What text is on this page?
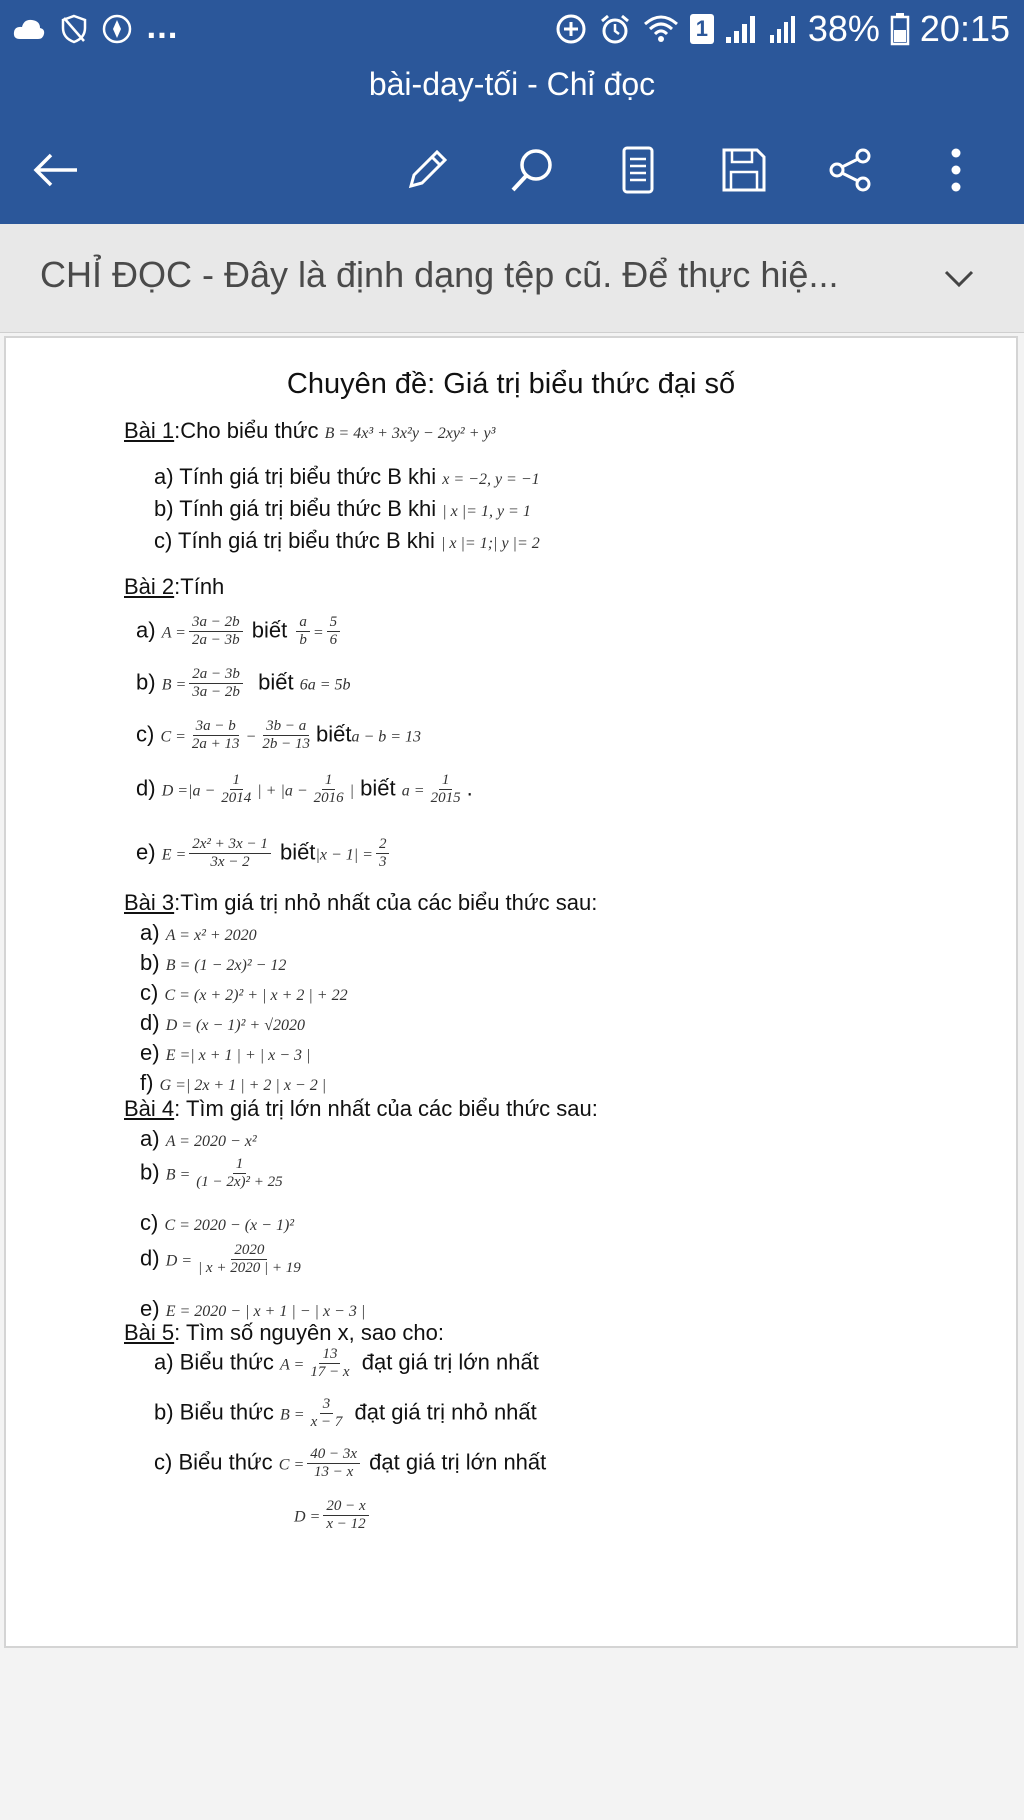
...	1	38% 20:15
bài-day-tối - Chỉ đọc
CHỈ ĐỌC - Đây là định dạng tệp cũ. Để thực hiệ...
Chuyên đề: Giá trị biểu thức đại số
Bài 1:Cho biểu thức B = 4x³ + 3x²y − 2xy² + y³
a) Tính giá trị biểu thức B khi x = −2, y = −1
b) Tính giá trị biểu thức B khi | x |= 1, y = 1
c) Tính giá trị biểu thức B khi | x |= 1;| y |= 2
Bài 2:Tính
a) $A = \frac{3a - 2b}{2a - 3b}$ biết $\frac{a}{b} = \frac{5}{6}$
b) $B = \frac{2a - 3b}{3a - 2b}$ biết 6a = 5b
c) $C = \frac{3a - b}{2a + 13} - \frac{3b - a}{2b - 13}$ biếta − b = 13
d) $D =|a - \frac{1}{2014}$ | + $|a - \frac{1}{2016}$ | biết $a = \frac{1}{2015}$ .
e) $E = \frac{\text{2x² + 3x − 1}}{3x - 2}$ biết|x − $1| = \frac{2}{3}$
Bài 3:Tìm giá trị nhỏ nhất của các biểu thức sau:
a) A = x² + 2020
b) B = (1 − 2x)² − 12
c) C = (x + 2)² + | x + 2 | + 22
d) D = (x − 1)² + √2020
e) E =| x + 1 | + | x − 3 |
f) G =| 2x + 1 | + 2 | x − 2 |
Bài 4: Tìm giá trị lớn nhất của các biểu thức sau:
a) A = 2020 − x²
b) $B = \frac{1}{\text{(1 − 2x)² + 25}}$
c) C = 2020 − (x − 1)²
d) $D = \frac{2020}{| x + 2020 | + 19}$
e) E = 2020 − | x + 1 | − | x − 3 |
Bài 5: Tìm số nguyên x, sao cho:
a) Biểu thức $A = \frac{13}{17 - x}$ đạt giá trị lớn nhất
b) Biểu thức $B = \frac{3}{x - 7}$ đạt giá trị nhỏ nhất
c) Biểu thức $C = \frac{40 - 3x}{13 - x}$ đạt giá trị lớn nhất
$D = \frac{20 - x}{x - 12}$
